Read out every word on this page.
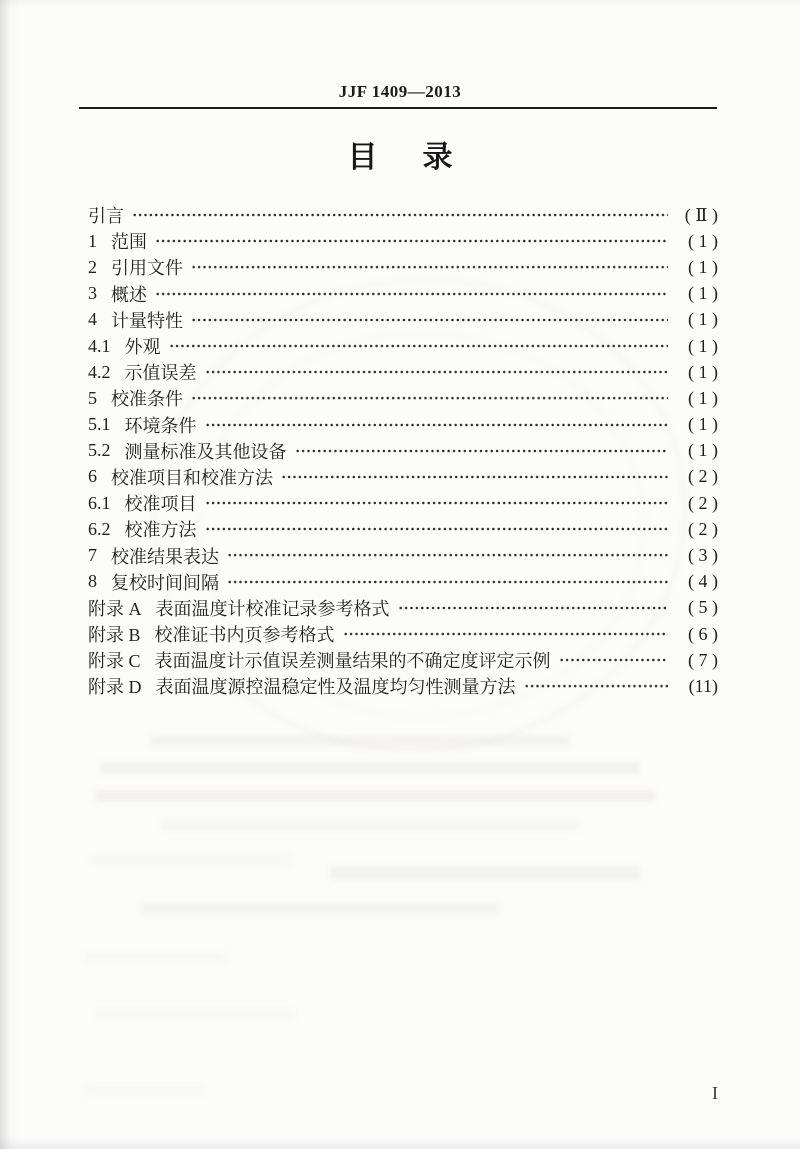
JJF 1409—2013
目      录
引言	( Ⅱ )
1 范围	( 1 )
2 引用文件	( 1 )
3 概述	( 1 )
4 计量特性	( 1 )
4.1 外观	( 1 )
4.2 示值误差	( 1 )
5 校准条件	( 1 )
5.1 环境条件	( 1 )
5.2 测量标准及其他设备	( 1 )
6 校准项目和校准方法	( 2 )
6.1 校准项目	( 2 )
6.2 校准方法	( 2 )
7 校准结果表达	( 3 )
8 复校时间间隔	( 4 )
附录 A 表面温度计校准记录参考格式	( 5 )
附录 B 校准证书内页参考格式	( 6 )
附录 C 表面温度计示值误差测量结果的不确定度评定示例	( 7 )
附录 D 表面温度源控温稳定性及温度均匀性测量方法	(11)
I
